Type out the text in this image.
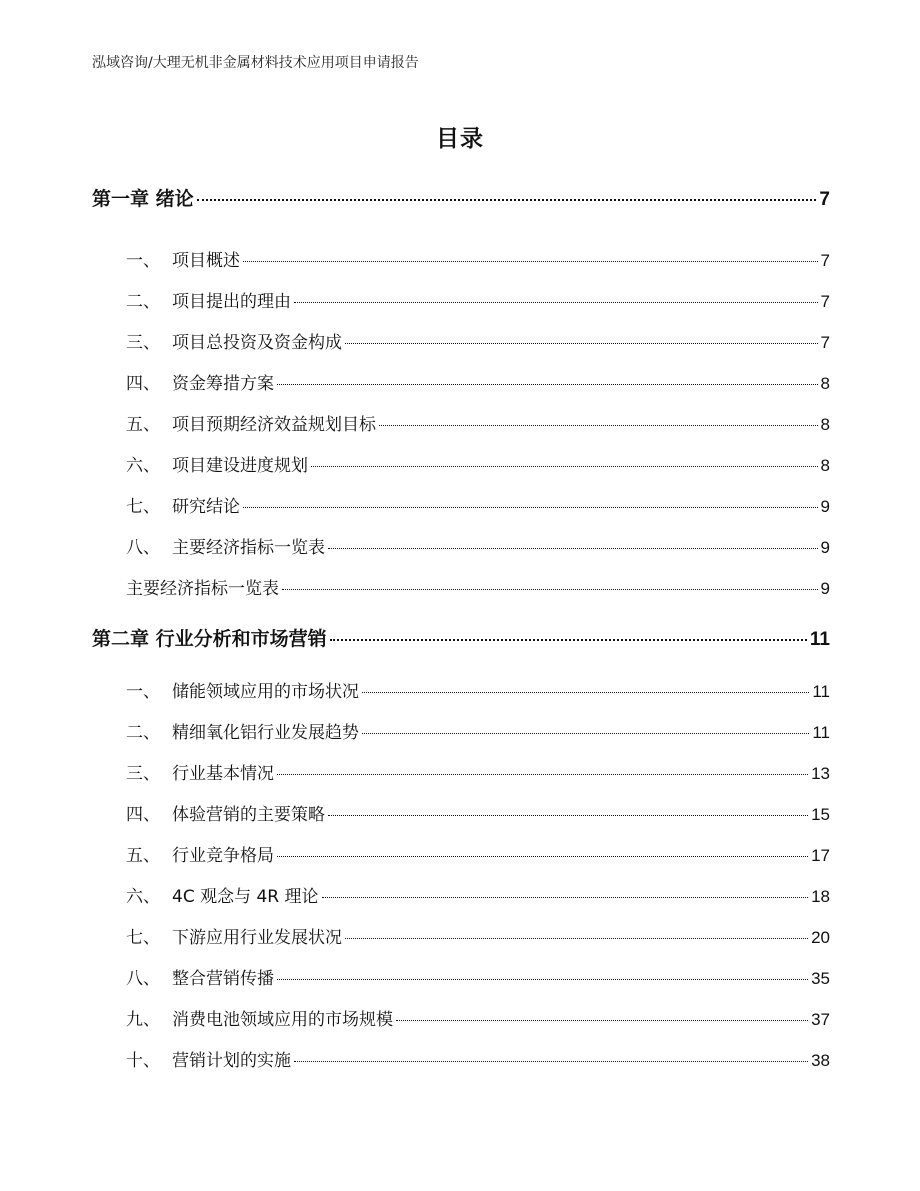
泓域咨询/大理无机非金属材料技术应用项目申请报告
目录
第一章 绪论	7
一、 项目概述	7
二、 项目提出的理由	7
三、 项目总投资及资金构成	7
四、 资金筹措方案	8
五、 项目预期经济效益规划目标	8
六、 项目建设进度规划	8
七、 研究结论	9
八、 主要经济指标一览表	9
主要经济指标一览表	9
第二章 行业分析和市场营销	11
一、 储能领域应用的市场状况	11
二、 精细氧化铝行业发展趋势	11
三、 行业基本情况	13
四、 体验营销的主要策略	15
五、 行业竞争格局	17
六、 4C 观念与 4R 理论	18
七、 下游应用行业发展状况	20
八、 整合营销传播	35
九、 消费电池领域应用的市场规模	37
十、 营销计划的实施	38
